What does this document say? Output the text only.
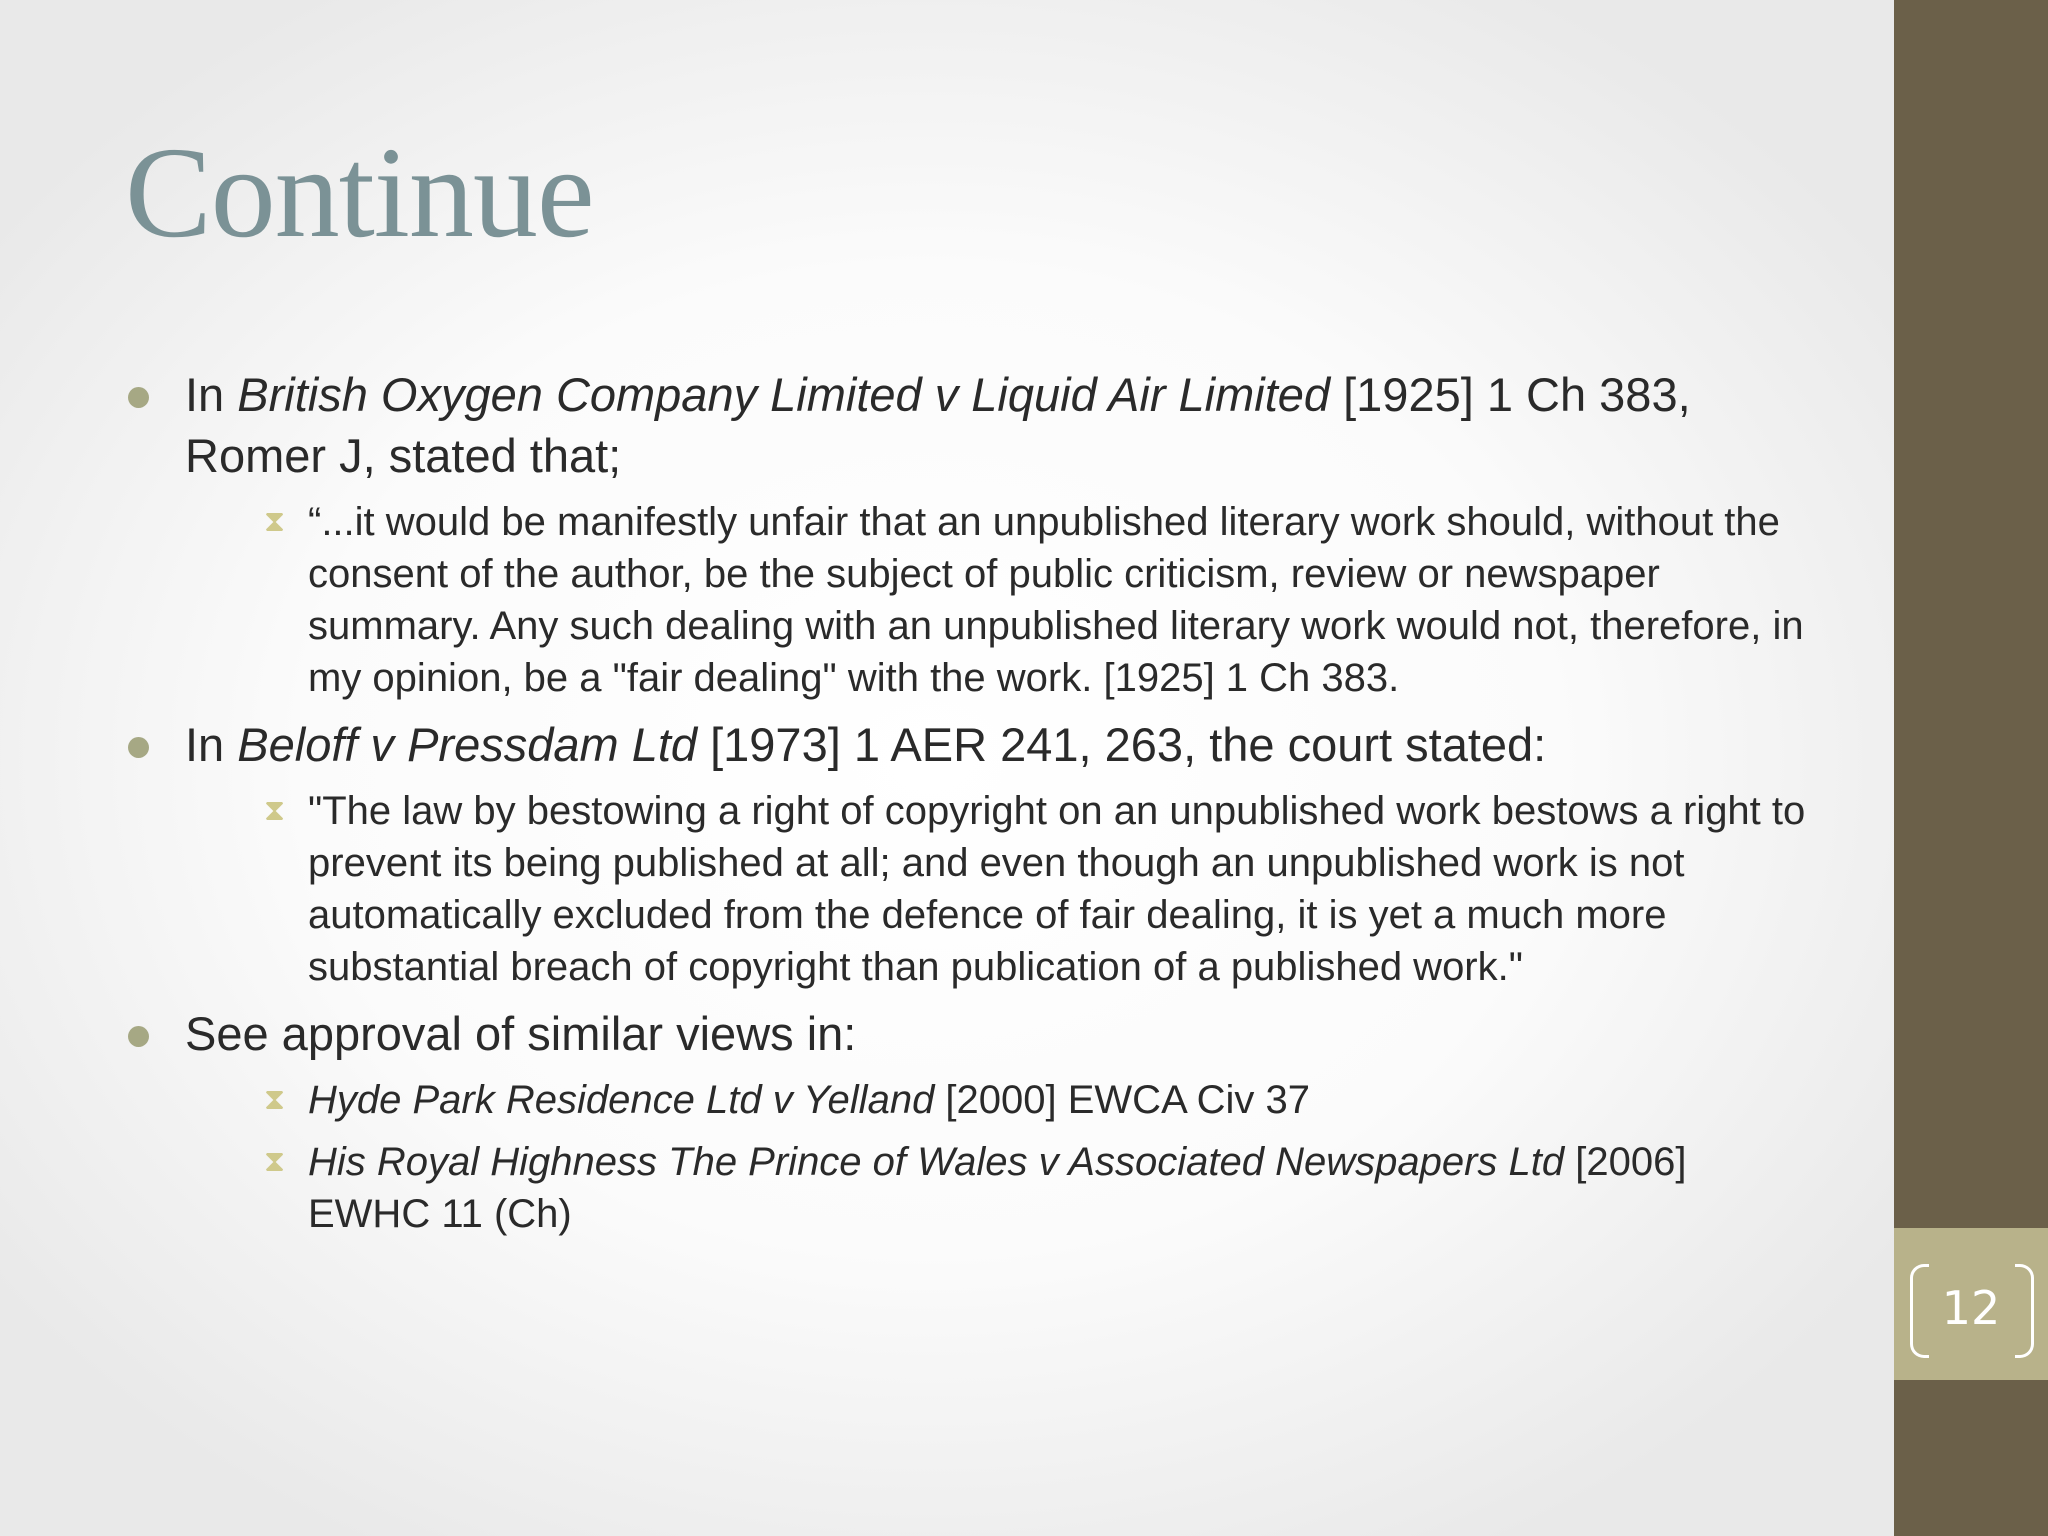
12
Continue
In British Oxygen Company Limited v Liquid Air Limited [1925] 1 Ch 383, Romer J, stated that;
⧗ “...it would be manifestly unfair that an unpublished literary work should, without the consent of the author, be the subject of public criticism, review or newspaper summary. Any such dealing with an unpublished literary work would not, therefore, in my opinion, be a "fair dealing" with the work. [1925] 1 Ch 383.
In Beloff v Pressdam Ltd [1973] 1 AER 241, 263, the court stated:
⧗ "The law by bestowing a right of copyright on an unpublished work bestows a right to prevent its being published at all; and even though an unpublished work is not automatically excluded from the defence of fair dealing, it is yet a much more substantial breach of copyright than publication of a published work."
See approval of similar views in:
⧗ Hyde Park Residence Ltd v Yelland [2000] EWCA Civ 37
⧗ His Royal Highness The Prince of Wales v Associated Newspapers Ltd [2006] EWHC 11 (Ch)
